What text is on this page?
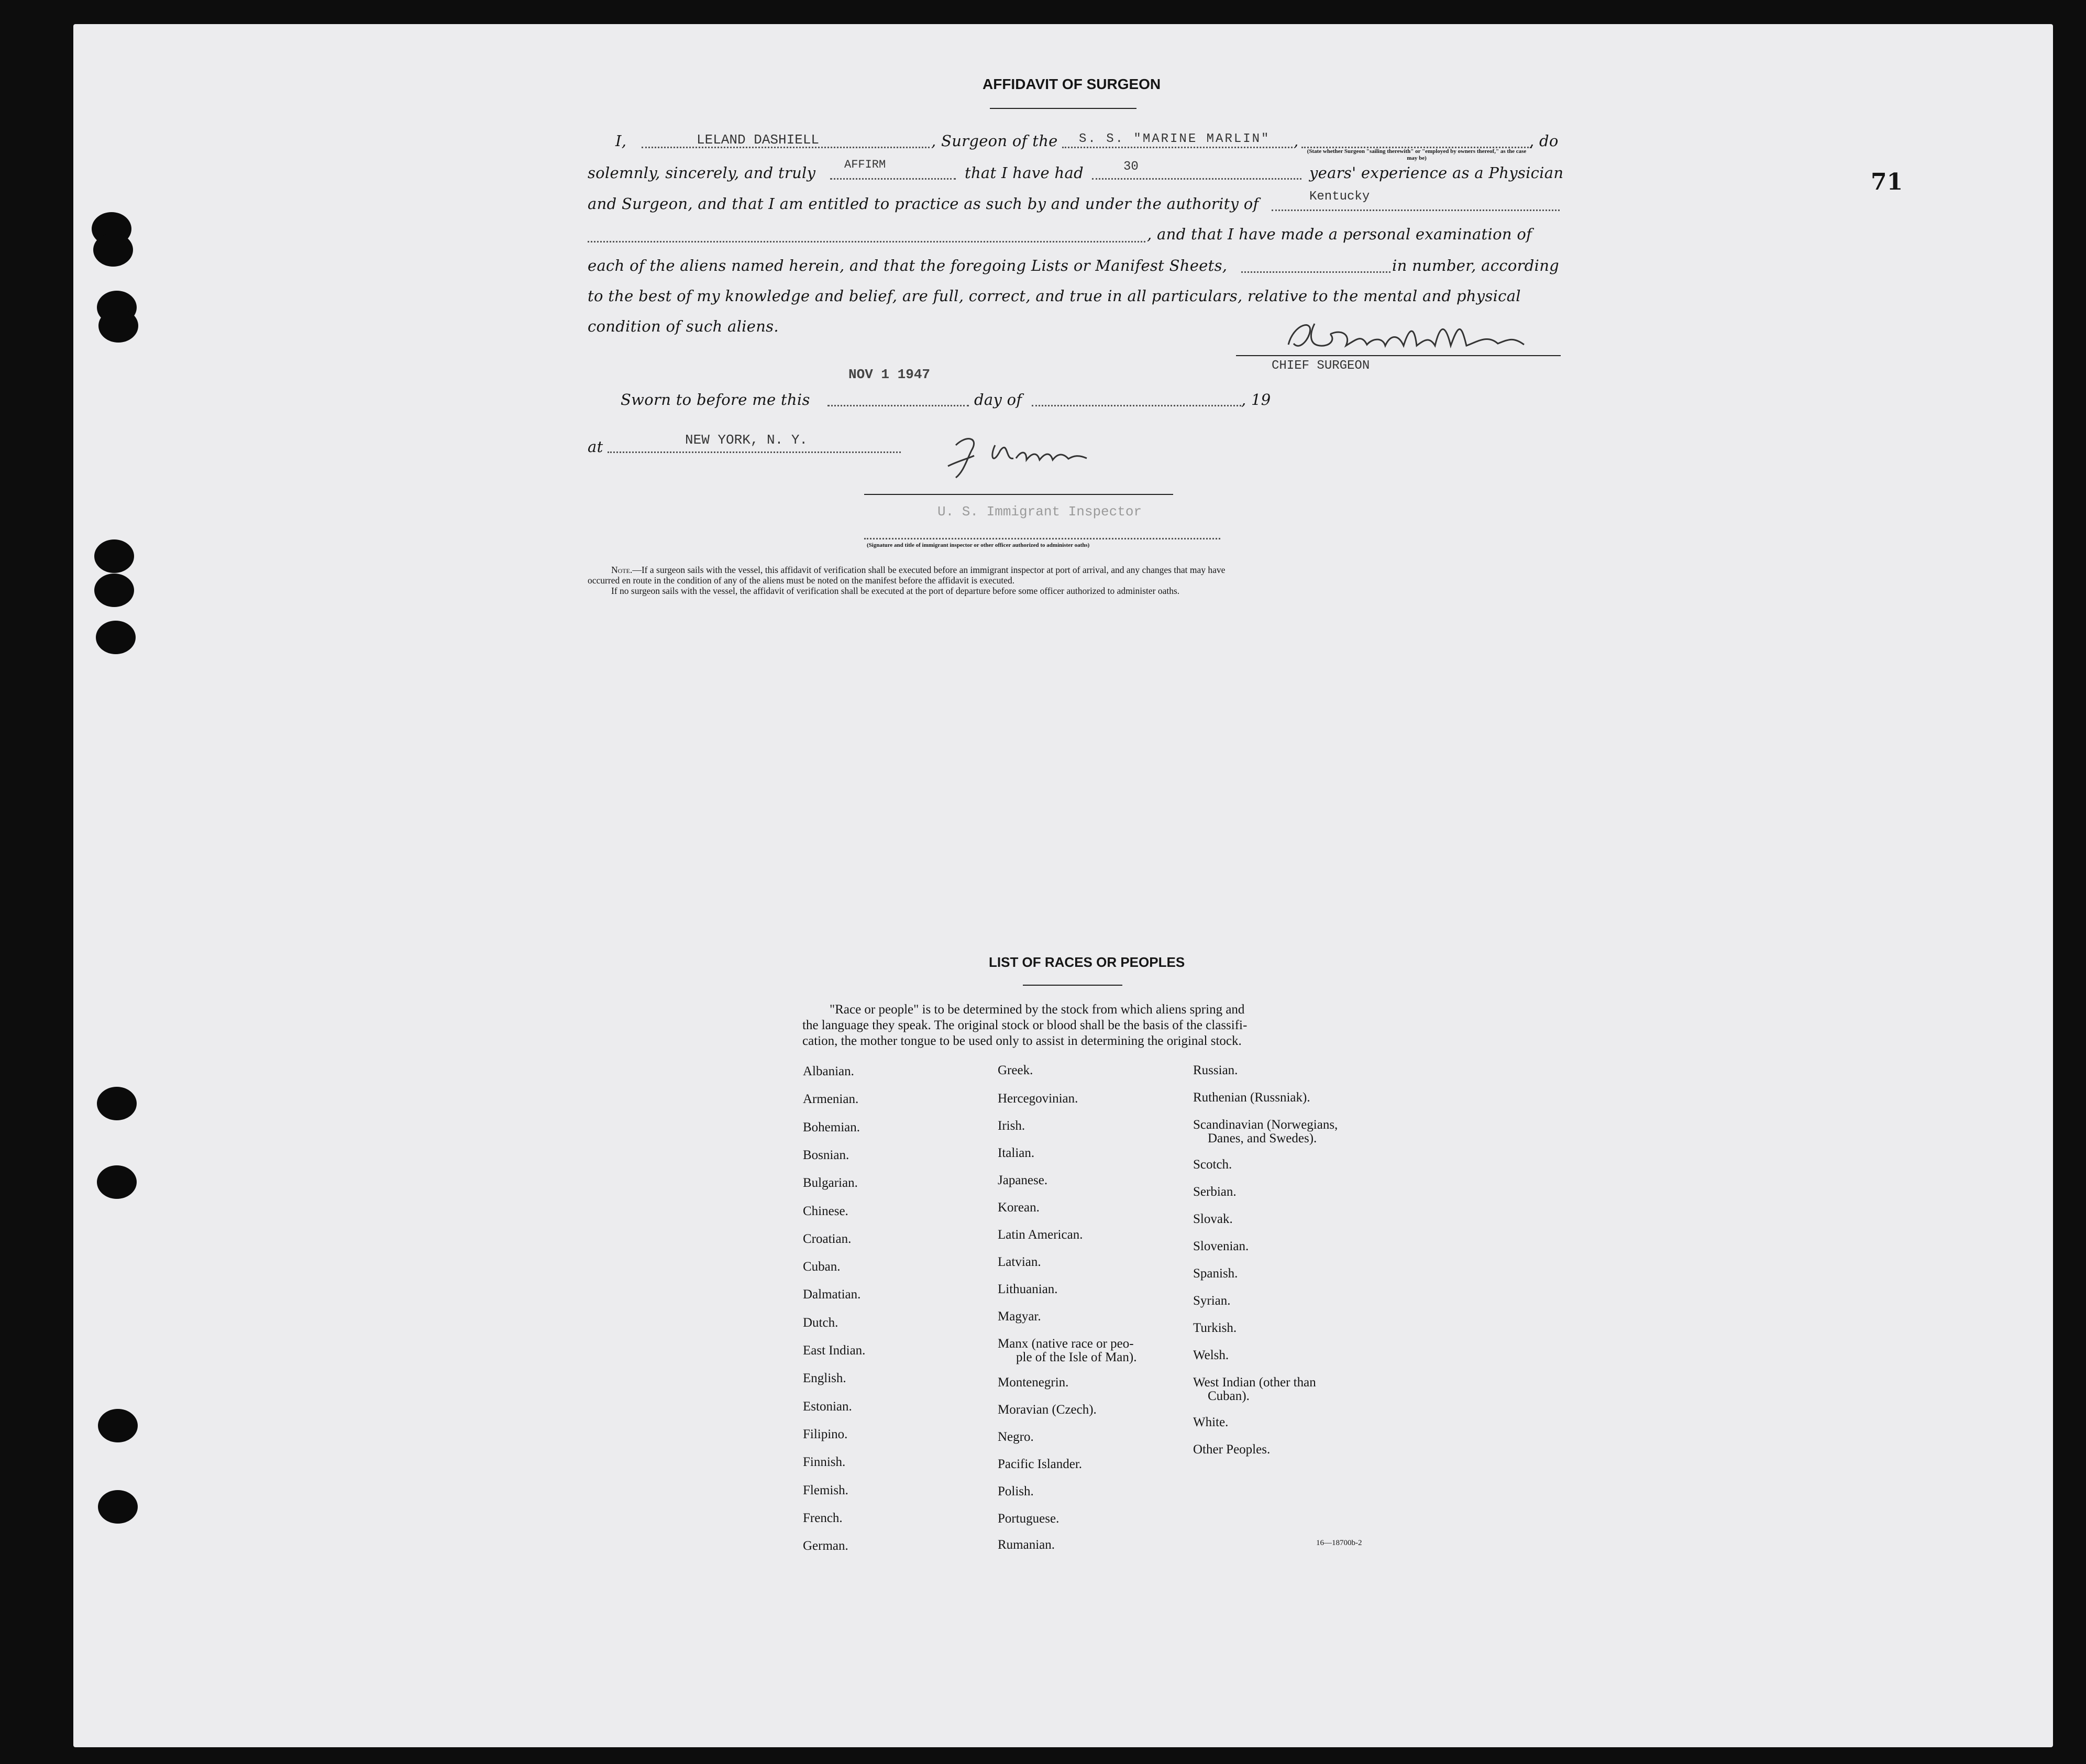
71
AFFIDAVIT OF SURGEON
I,	LELAND DASHIELL	, Surgeon of the S. S. "MARINE MARLIN" ,
(State whether Surgeon "sailing therewith" or "employed by owners thereof," as the case may be)
, do
solemnly, sincerely, and truly AFFIRM	that I have had	30	years' experience as a Physician
and Surgeon, and that I am entitled to practice as such by and under the authority of	Kentucky
, and that I have made a personal examination of
each of the aliens named herein, and that the foregoing Lists or Manifest Sheets,	in number, according
to the best of my knowledge and belief, are full, correct, and true in all particulars, relative to the mental and physical
condition of such aliens.
CHIEF SURGEON
NOV 1 1947
Sworn to before me this	day of	, 19
at	NEW YORK, N. Y.
U. S. Immigrant Inspector
(Signature and title of immigrant inspector or other officer authorized to administer oaths)
Note.—If a surgeon sails with the vessel, this affidavit of verification shall be executed before an immigrant inspector at port of arrival, and any changes that may have
occurred en route in the condition of any of the aliens must be noted on the manifest before the affidavit is executed.
If no surgeon sails with the vessel, the affidavit of verification shall be executed at the port of departure before some officer authorized to administer oaths.
LIST OF RACES OR PEOPLES
"Race or people" is to be determined by the stock from which aliens spring and
the language they speak. The original stock or blood shall be the basis of the classifi-
cation, the mother tongue to be used only to assist in determining the original stock.
Albanian.
Armenian.
Bohemian.
Bosnian.
Bulgarian.
Chinese.
Croatian.
Cuban.
Dalmatian.
Dutch.
East Indian.
English.
Estonian.
Filipino.
Finnish.
Flemish.
French.
German.
Greek.
Hercegovinian.
Irish.
Italian.
Japanese.
Korean.
Latin American.
Latvian.
Lithuanian.
Magyar.
Manx (native race or peo-
ple of the Isle of Man).
Montenegrin.
Moravian (Czech).
Negro.
Pacific Islander.
Polish.
Portuguese.
Rumanian.
Russian.
Ruthenian (Russniak).
Scandinavian (Norwegians,
Danes, and Swedes).
Scotch.
Serbian.
Slovak.
Slovenian.
Spanish.
Syrian.
Turkish.
Welsh.
West Indian (other than
Cuban).
White.
Other Peoples.
16—18700b-2
